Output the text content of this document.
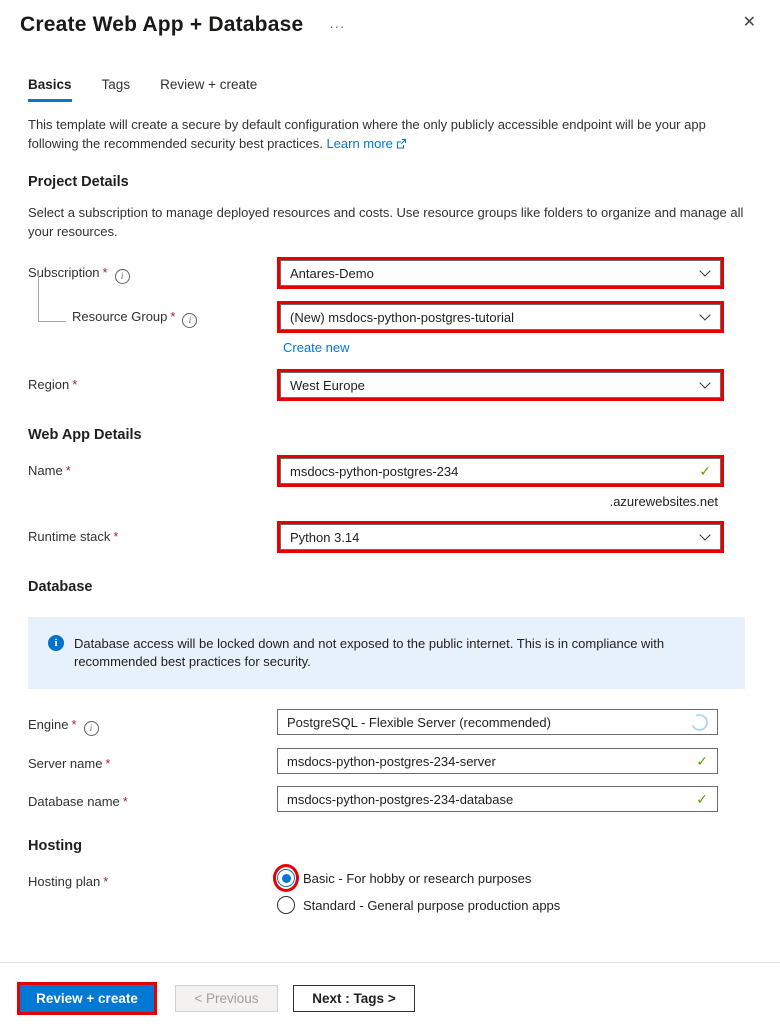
Create Web App + Database ···	✕
Basics Tags Review + create
This template will create a secure by default configuration where the only publicly accessible endpoint will be your app following the recommended security best practices. Learn more
Project Details
Select a subscription to manage deployed resources and costs. Use resource groups like folders to organize and manage all your resources.
Subscription * i	Antares-Demo
Resource Group * i	(New) msdocs-python-postgres-tutorial
Create new
Region *	West Europe
Web App Details
Name *	msdocs-python-postgres-234	✓
.azurewebsites.net
Runtime stack *	Python 3.14
Database
i	Database access will be locked down and not exposed to the public internet. This is in compliance with recommended best practices for security.
Engine * i	PostgreSQL - Flexible Server (recommended)
Server name *	msdocs-python-postgres-234-server	✓
Database name *	msdocs-python-postgres-234-database	✓
Hosting
Hosting plan *	Basic - For hobby or research purposes
Standard - General purpose production apps
Review + create	< Previous	Next : Tags >
